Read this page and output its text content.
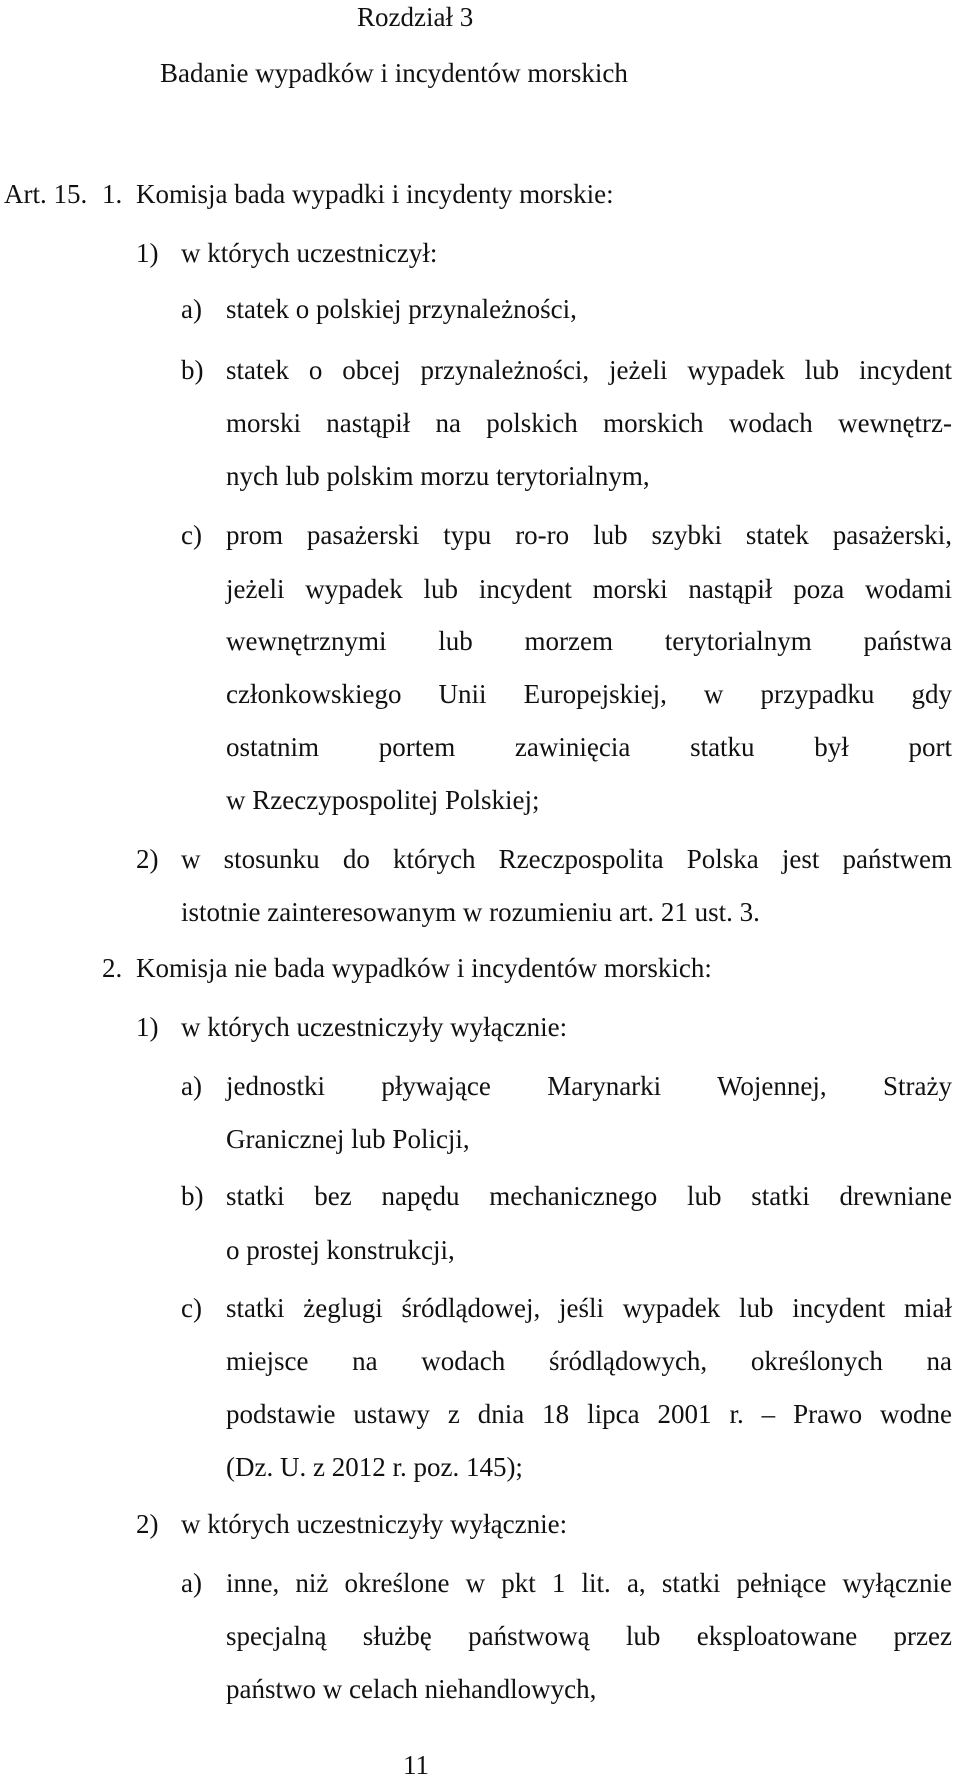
Rozdział 3
Badanie wypadków i incydentów morskich
Art. 15. 1. Komisja bada wypadki i incydenty morskie:
1) w których uczestniczył:
a) statek o polskiej przynależności,
b) statek o obcej przynależności, jeżeli wypadek lub incydent
morski nastąpił na polskich morskich wodach wewnętrz-
nych lub polskim morzu terytorialnym,
c) prom pasażerski typu ro-ro lub szybki statek pasażerski,
jeżeli wypadek lub incydent morski nastąpił poza wodami
wewnętrznymi lub morzem terytorialnym państwa
członkowskiego Unii Europejskiej, w przypadku gdy
ostatnim portem zawinięcia statku był port
w Rzeczypospolitej Polskiej;
2) w stosunku do których Rzeczpospolita Polska jest państwem
istotnie zainteresowanym w rozumieniu art. 21 ust. 3.
2. Komisja nie bada wypadków i incydentów morskich:
1) w których uczestniczyły wyłącznie:
a) jednostki pływające Marynarki Wojennej, Straży
Granicznej lub Policji,
b) statki bez napędu mechanicznego lub statki drewniane
o prostej konstrukcji,
c) statki żeglugi śródlądowej, jeśli wypadek lub incydent miał
miejsce na wodach śródlądowych, określonych na
podstawie ustawy z dnia 18 lipca 2001 r. – Prawo wodne
(Dz. U. z 2012 r. poz. 145);
2) w których uczestniczyły wyłącznie:
a) inne, niż określone w pkt 1 lit. a, statki pełniące wyłącznie
specjalną służbę państwową lub eksploatowane przez
państwo w celach niehandlowych,
11
